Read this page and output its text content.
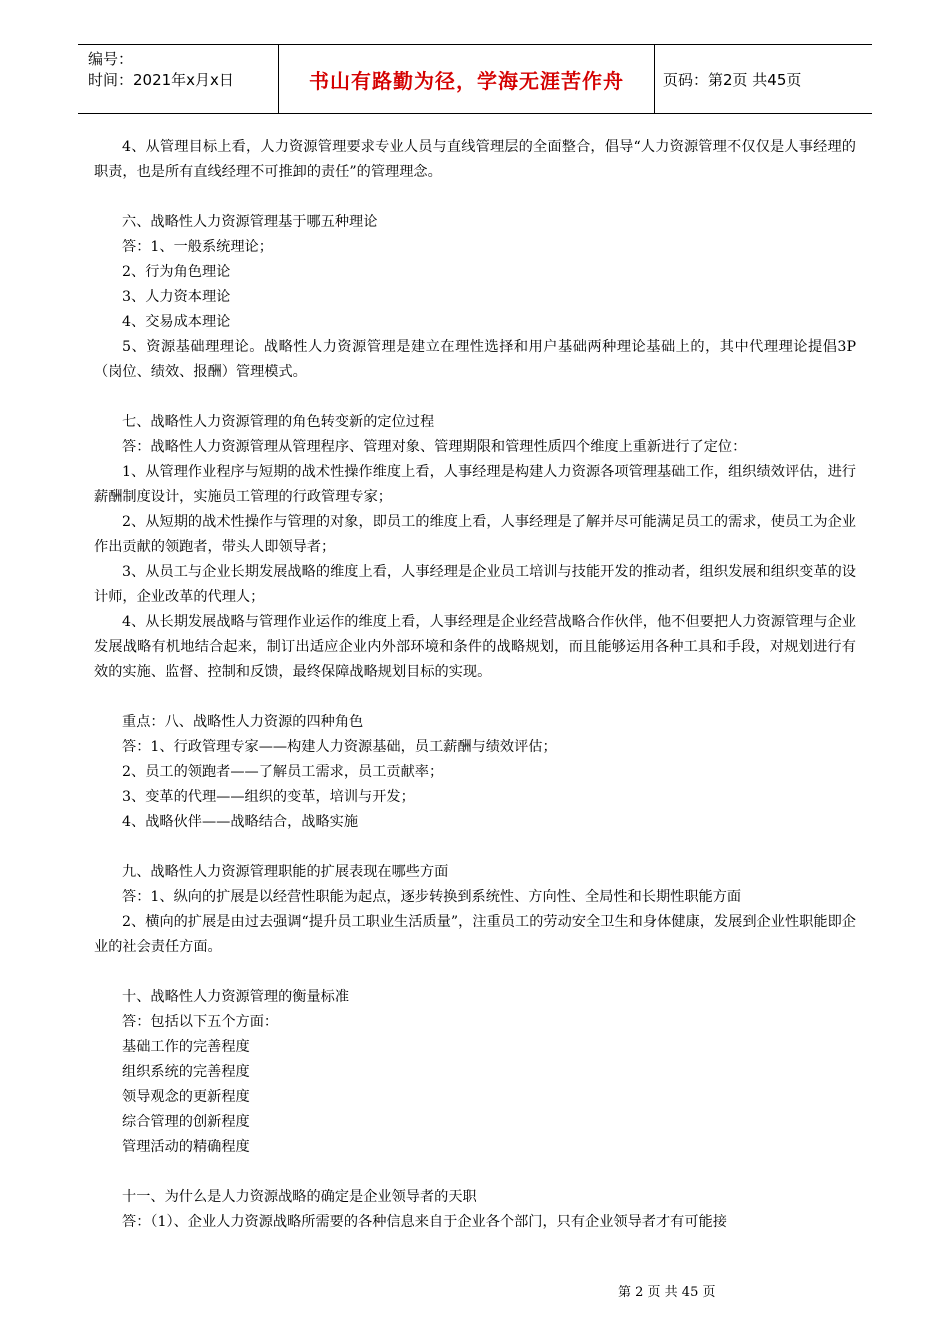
编号：
时间：2021年x月x日	书山有路勤为径，学海无涯苦作舟	页码：第2页 共45页

4、从管理目标上看，人力资源管理要求专业人员与直线管理层的全面整合，倡导“人力资源管理不仅仅是人事经理的职责，也是所有直线经理不可推卸的责任”的管理理念。

六、战略性人力资源管理基于哪五种理论

答：1、一般系统理论；

2、行为角色理论

3、人力资本理论

4、交易成本理论

5、资源基础理理论。战略性人力资源管理是建立在理性选择和用户基础两种理论基础上的，其中代理理论提倡3P（岗位、绩效、报酬）管理模式。

七、战略性人力资源管理的角色转变新的定位过程

答：战略性人力资源管理从管理程序、管理对象、管理期限和管理性质四个维度上重新进行了定位：

1、从管理作业程序与短期的战术性操作维度上看，人事经理是构建人力资源各项管理基础工作，组织绩效评估，进行薪酬制度设计，实施员工管理的行政管理专家；

2、从短期的战术性操作与管理的对象，即员工的维度上看，人事经理是了解并尽可能满足员工的需求，使员工为企业作出贡献的领跑者，带头人即领导者；

3、从员工与企业长期发展战略的维度上看，人事经理是企业员工培训与技能开发的推动者，组织发展和组织变革的设计师，企业改革的代理人；

4、从长期发展战略与管理作业运作的维度上看，人事经理是企业经营战略合作伙伴，他不但要把人力资源管理与企业发展战略有机地结合起来，制订出适应企业内外部环境和条件的战略规划，而且能够运用各种工具和手段，对规划进行有效的实施、监督、控制和反馈，最终保障战略规划目标的实现。

重点：八、战略性人力资源的四种角色

答：1、行政管理专家——构建人力资源基础，员工薪酬与绩效评估；

2、员工的领跑者——了解员工需求，员工贡献率；

3、变革的代理——组织的变革，培训与开发；

4、战略伙伴——战略结合，战略实施

九、战略性人力资源管理职能的扩展表现在哪些方面

答：1、纵向的扩展是以经营性职能为起点，逐步转换到系统性、方向性、全局性和长期性职能方面

2、横向的扩展是由过去强调“提升员工职业生活质量”，注重员工的劳动安全卫生和身体健康，发展到企业性职能即企业的社会责任方面。

十、战略性人力资源管理的衡量标准

答：包括以下五个方面：

基础工作的完善程度

组织系统的完善程度

领导观念的更新程度

综合管理的创新程度

管理活动的精确程度

十一、为什么是人力资源战略的确定是企业领导者的天职

答：（1）、企业人力资源战略所需要的各种信息来自于企业各个部门，只有企业领导者才有可能接

第 2 页 共 45 页
